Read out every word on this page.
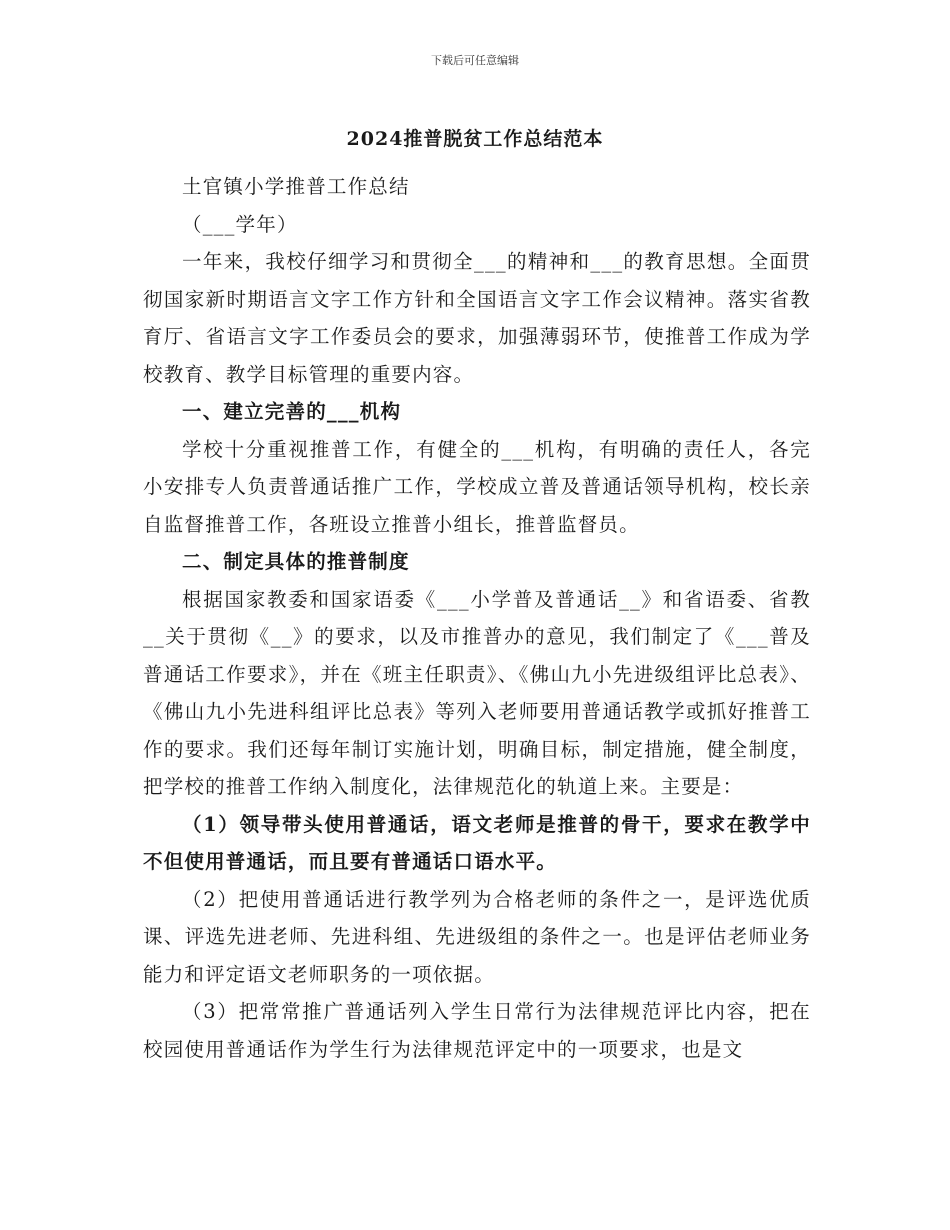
下载后可任意编辑
2024推普脱贫工作总结范本

土官镇小学推普工作总结

（___学年）

一年来，我校仔细学习和贯彻全___的精神和___的教育思想。全面贯彻国家新时期语言文字工作方针和全国语言文字工作会议精神。落实省教育厅、省语言文字工作委员会的要求，加强薄弱环节，使推普工作成为学校教育、教学目标管理的重要内容。

一、建立完善的___机构

学校十分重视推普工作，有健全的___机构，有明确的责任人，各完小安排专人负责普通话推广工作，学校成立普及普通话领导机构，校长亲自监督推普工作，各班设立推普小组长，推普监督员。

二、制定具体的推普制度

根据国家教委和国家语委《___小学普及普通话__》和省语委、省教__关于贯彻《__》的要求，以及市推普办的意见，我们制定了《___普及普通话工作要求》，并在《班主任职责》、《佛山九小先进级组评比总表》、《佛山九小先进科组评比总表》等列入老师要用普通话教学或抓好推普工作的要求。我们还每年制订实施计划，明确目标，制定措施，健全制度，把学校的推普工作纳入制度化，法律规范化的轨道上来。主要是：

（1）领导带头使用普通话，语文老师是推普的骨干，要求在教学中不但使用普通话，而且要有普通话口语水平。

（2）把使用普通话进行教学列为合格老师的条件之一，是评选优质课、评选先进老师、先进科组、先进级组的条件之一。也是评估老师业务能力和评定语文老师职务的一项依据。

（3）把常常推广普通话列入学生日常行为法律规范评比内容，把在校园使用普通话作为学生行为法律规范评定中的一项要求，也是文
